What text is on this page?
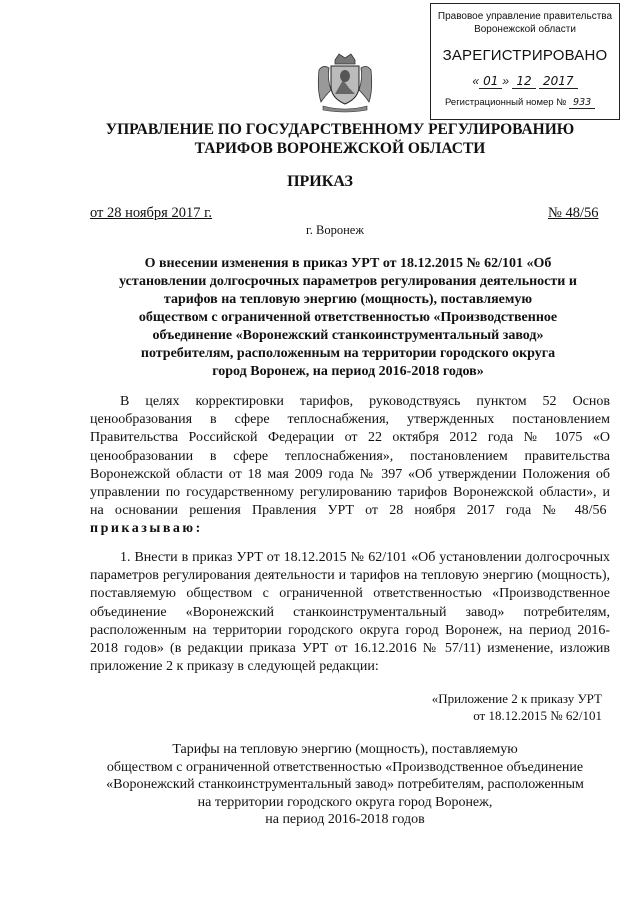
Правовое управление правительства
Воронежской области
ЗАРЕГИСТРИРОВАНО
« 01 » 12 2017
Регистрационный номер № 933
УПРАВЛЕНИЕ ПО ГОСУДАРСТВЕННОМУ РЕГУЛИРОВАНИЮ
ТАРИФОВ ВОРОНЕЖСКОЙ ОБЛАСТИ
ПРИКАЗ
от 28 ноября 2017 г.	№ 48/56
г. Воронеж
О внесении изменения в приказ УРТ от 18.12.2015 № 62/101 «Об
установлении долгосрочных параметров регулирования деятельности и
тарифов на тепловую энергию (мощность), поставляемую
обществом с ограниченной ответственностью «Производственное
объединение «Воронежский станкоинструментальный завод»
потребителям, расположенным на территории городского округа
город Воронеж, на период 2016-2018 годов»
В целях корректировки тарифов, руководствуясь пунктом 52 Основ ценообразования в сфере теплоснабжения, утвержденных постановлением Правительства Российской Федерации от 22 октября 2012 года № 1075 «О ценообразовании в сфере теплоснабжения», постановлением правительства Воронежской области от 18 мая 2009 года № 397 «Об утверждении Положения об управлении по государственному регулированию тарифов Воронежской области», и на основании решения Правления УРТ от 28 ноября 2017 года № 48/56  приказываю:
1. Внести в приказ УРТ от 18.12.2015 № 62/101 «Об установлении долгосрочных параметров регулирования деятельности и тарифов на тепловую энергию (мощность), поставляемую обществом с ограниченной ответственностью «Производственное объединение «Воронежский станкоинструментальный завод» потребителям, расположенным на территории городского округа город Воронеж, на период 2016-2018 годов» (в редакции приказа УРТ от 16.12.2016 № 57/11) изменение, изложив приложение 2 к приказу в следующей редакции:
«Приложение 2 к приказу УРТ
от 18.12.2015 № 62/101
Тарифы на тепловую энергию (мощность), поставляемую
обществом с ограниченной ответственностью «Производственное объединение
«Воронежский станкоинструментальный завод» потребителям, расположенным
на территории городского округа город Воронеж,
на период 2016-2018 годов
